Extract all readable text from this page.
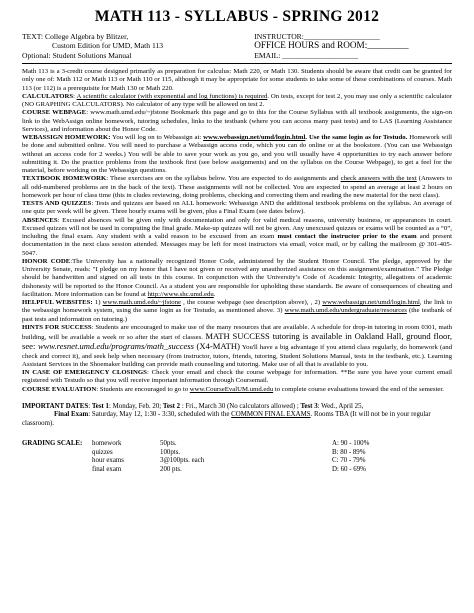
MATH 113 - SYLLABUS - SPRING 2012
TEXT: College Algebra by Blitzer,
Custom Edition for UMD, Math 113
Optional: Student Solutions Manual
INSTRUCTOR:____________________
OFFICE HOURS and ROOM:_________
EMAIL: ____________________

Math 113 is a 3-credit course designed primarily as preparation for calculus: Math 220, or Math 130. Students should be aware that credit can be granted for only one of: Math 112 or Math 113 or Math 110 or 115, although it may be appropriate for some students to take some of these combinations of courses. Math 113 (or 112) is a prerequisite for Math 130 or Math 220.

CALCULATORS: A scientific calculator (with exponential and log functions) is required. On tests, except for test 2, you may use only a scientific calculator (NO GRAPHING CALCULATORS). No calculator of any type will be allowed on test 2.

COURSE WEBPAGE: www.math.umd.edu/~jfstone Bookmark this page and go to this for the Course Syllabus with all textbook assignments, the sign-on link to the WebAssign online homework, tutoring schedules, links to the testbank (where you can access many past tests) and to LAS (Learning Assistance Services), and information about the Honor Code.

WEBASSIGN HOMEWORK: You will log on to Webassign at: www.webassign.net/umd/login.html. Use the same login as for Testudo. Homework will be done and submitted online. You will need to purchase a Webassign access code, which you can do online or at the bookstore. (You can use Webassign without an access code for 2 weeks.) You will be able to save your work as you go, and you will usually have 4 opportunities to try each answer before submitting it. Do the practice problems from the textbook first (see below assignments) and on the syllabus on the Course Webpage), to get a feel for the material, before working on the Webassign questions.

TEXTBOOK HOMEWORK: These exercises are on the syllabus below. You are expected to do assignments and check answers with the text (Answers to all odd-numbered problems are in the back of the text). These assignments will not be collected. You are expected to spend an average at least 2 hours on homework per hour of class time (this in cludes reviewing, doing problems, checking and correcting them and reading the new material for the next class).

TESTS AND QUIZZES: Tests and quizzes are based on ALL homework: Webassign AND the additional textbook problems on the syllabus. An average of one quiz per week will be given. Three hourly exams will be given, plus a Final Exam (see dates below).

ABSENCES: Excused absences will be given only with documentation and only for valid medical reasons, university business, or appearances in court. Excused quizzes will not be used in computing the final grade. Make-up quizzes will not be given. Any unexcused quizzes or exams will be counted as a “0”, including the final exam. Any student with a valid reason to be excused from an exam must contact the instructor prior to the exam and present documentation in the next class session attended. Messages may be left for most instructors via email, voice mail, or by calling the mailroom @ 301-405-5047.

HONOR CODE:The University has a nationally recognized Honor Code, administered by the Student Honor Council. The pledge, approved by the University Senate, reads: "I pledge on my honor that I have not given or received any unauthorized assistance on this assignment/examination." The Pledge should be handwritten and signed on all tests in this course. In conjunction with the University’s Code of Academic Integrity, allegations of academic dishonesty will be reported to the Honor Council. As a student you are responsible for upholding these standards. Be aware of consequences of cheating and facilitation. More information can be found at http://www.shc.umd.edu.

HELPFUL WEBSITES: 1) www.math.umd.edu/~jfstone , the course webpage (see description above), , 2) www.webassign.net/umd/login.html, the link to the webassign homework system, using the same login as for Testudo, as mentioned above. 3) www.math.umd.edu/undergraduate/resources (the testbank of past tests and information on tutoring.)

HINTS FOR SUCCESS: Students are encouraged to make use of the many resources that are available. A schedule for drop-in tutoring in room 0301, math building, will be available a week or so after the start of classes. MATH SUCCESS tutoring is available in Oakland Hall, ground floor, see: www.resnet.umd.edu/programs/math_success (X4-MATH) You'll have a big advantage if you attend class regularly, do homework (and check and correct it), and seek help when necessary (from instructor, tutors, friends, tutoring, Student Solutions Manual, tests in the testbank, etc.). Learning Assistant Services in the Shoemaker building can provide math counseling and tutoring. Make use of all that is available to you.

IN CASE OF EMERGENCY CLOSINGS: Check your email and check the course webpage for information. **Be sure you have your current email registered with Testudo so that you will receive important information through Coursemail.

COURSE EVALUATION: Students are encouraged to go to www.CourseEvalUM.umd.edu to complete course evaluations toward the end of the semester.

IMPORTANT DATES: Test 1: Monday, Feb. 20; Test 2 : Fri., March 30 (No calculators allowed) ; Test 3: Wed., April 25,
Final Exam: Saturday, May 12, 1:30 - 3:30, scheduled with the COMMON FINAL EXAMS. Rooms TBA (It will not be in your regular classroom).
GRADING SCALE:	homework
quizzes
hour exams
final exam
50pts.
100pts.
3@100pts. each
200 pts.
A: 90 - 100%
B: 80 - 89%
C: 70 - 79%
D: 60 - 69%
